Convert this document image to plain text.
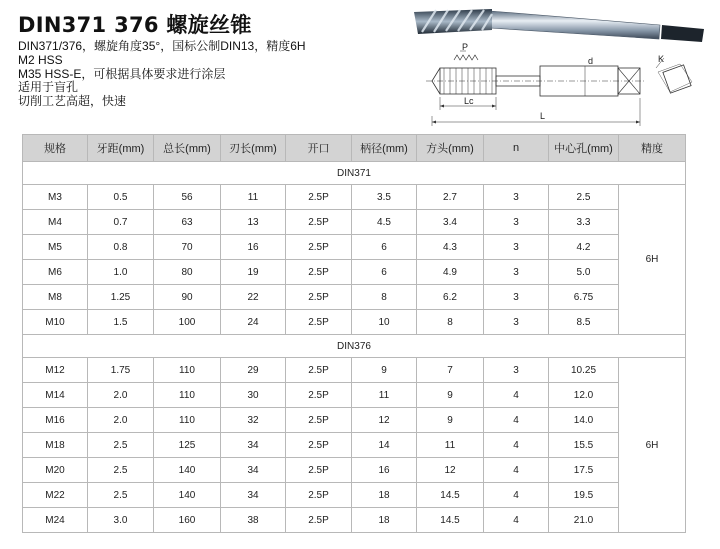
DIN371 376 螺旋丝锥
DIN371/376，螺旋角度35°，国标公制DIN13，精度6H
M2 HSS
M35 HSS-E，可根据具体要求进行涂层
适用于盲孔
切削工艺高超，快速
P
d
Lc
L
K
规格	牙距(mm)	总长(mm)	刃长(mm)	开口	柄径(mm)	方头(mm)	n	中心孔(mm)	精度
DIN371									
M3	0.5	56	11	2.5P	3.5	2.7	3	2.5	6H
M4	0.7	63	13	2.5P	4.5	3.4	3	3.3	
M5	0.8	70	16	2.5P	6	4.3	3	4.2	
M6	1.0	80	19	2.5P	6	4.9	3	5.0	
M8	1.25	90	22	2.5P	8	6.2	3	6.75	
M10	1.5	100	24	2.5P	10	8	3	8.5	
DIN376									
M12	1.75	110	29	2.5P	9	7	3	10.25	6H
M14	2.0	110	30	2.5P	11	9	4	12.0	
M16	2.0	110	32	2.5P	12	9	4	14.0	
M18	2.5	125	34	2.5P	14	11	4	15.5	
M20	2.5	140	34	2.5P	16	12	4	17.5	
M22	2.5	140	34	2.5P	18	14.5	4	19.5	
M24	3.0	160	38	2.5P	18	14.5	4	21.0	
